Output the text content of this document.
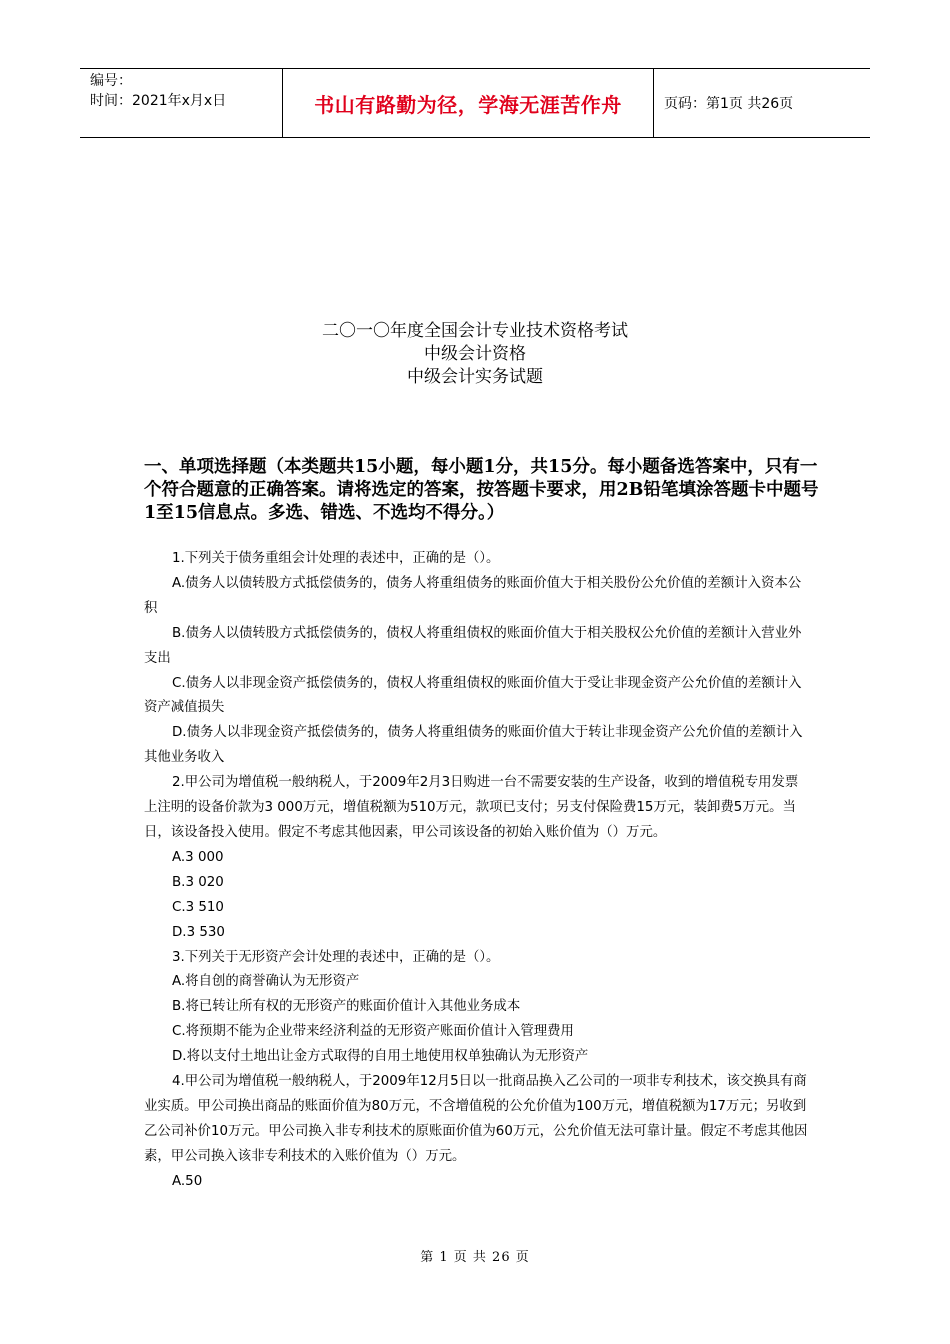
编号：
时间：2021年x月x日	书山有路勤为径，学海无涯苦作舟	页码：第1页 共26页
二〇一〇年度全国会计专业技术资格考试
中级会计资格
中级会计实务试题
一、单项选择题（本类题共15小题，每小题1分，共15分。每小题备选答案中，只有一个符合题意的正确答案。请将选定的答案，按答题卡要求，用2B铅笔填涂答题卡中题号1至15信息点。多选、错选、不选均不得分。）

1.下列关于债务重组会计处理的表述中，正确的是（）。

A.债务人以债转股方式抵偿债务的，债务人将重组债务的账面价值大于相关股份公允价值的差额计入资本公积

B.债务人以债转股方式抵偿债务的，债权人将重组债权的账面价值大于相关股权公允价值的差额计入营业外支出

C.债务人以非现金资产抵偿债务的，债权人将重组债权的账面价值大于受让非现金资产公允价值的差额计入资产减值损失

D.债务人以非现金资产抵偿债务的，债务人将重组债务的账面价值大于转让非现金资产公允价值的差额计入其他业务收入

2.甲公司为增值税一般纳税人，于2009年2月3日购进一台不需要安装的生产设备，收到的增值税专用发票上注明的设备价款为3 000万元，增值税额为510万元，款项已支付；另支付保险费15万元，装卸费5万元。当日，该设备投入使用。假定不考虑其他因素，甲公司该设备的初始入账价值为（）万元。

A.3 000

B.3 020

C.3 510

D.3 530

3.下列关于无形资产会计处理的表述中，正确的是（）。

A.将自创的商誉确认为无形资产

B.将已转让所有权的无形资产的账面价值计入其他业务成本

C.将预期不能为企业带来经济利益的无形资产账面价值计入管理费用

D.将以支付土地出让金方式取得的自用土地使用权单独确认为无形资产

4.甲公司为增值税一般纳税人，于2009年12月5日以一批商品换入乙公司的一项非专利技术，该交换具有商业实质。甲公司换出商品的账面价值为80万元，不含增值税的公允价值为100万元，增值税额为17万元；另收到乙公司补价10万元。甲公司换入非专利技术的原账面价值为60万元，公允价值无法可靠计量。假定不考虑其他因素，甲公司换入该非专利技术的入账价值为（）万元。

A.50

第 1 页 共 26 页
